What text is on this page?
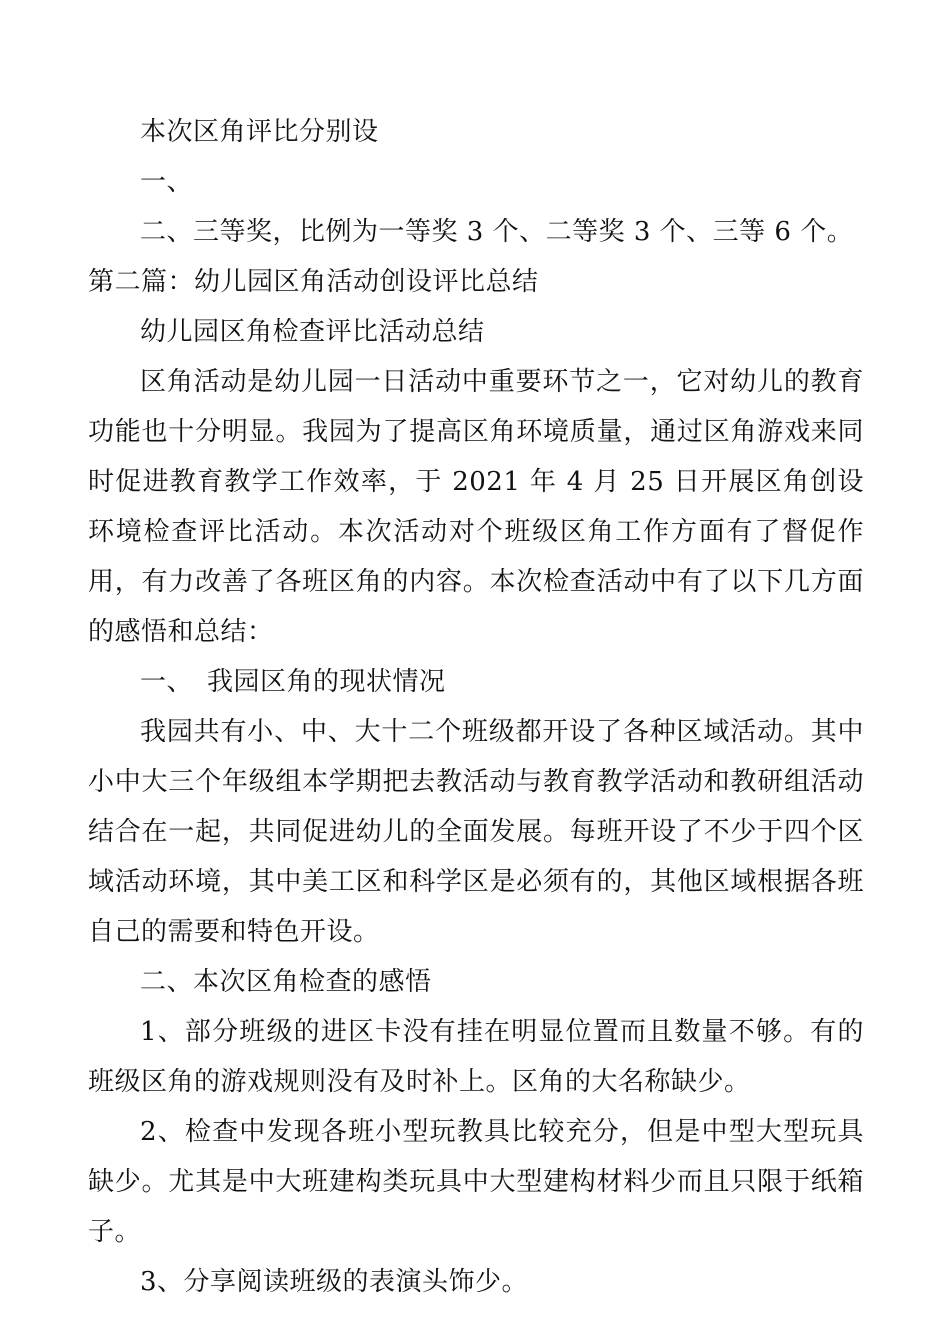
本次区角评比分别设

一、

二、三等奖，比例为一等奖 3 个、二等奖 3 个、三等 6 个。

第二篇：幼儿园区角活动创设评比总结

幼儿园区角检查评比活动总结

区角活动是幼儿园一日活动中重要环节之一，它对幼儿的教育功能也十分明显。我园为了提高区角环境质量，通过区角游戏来同时促进教育教学工作效率，于 2021 年 4 月 25 日开展区角创设环境检查评比活动。本次活动对个班级区角工作方面有了督促作用，有力改善了各班区角的内容。本次检查活动中有了以下几方面的感悟和总结：

一、 我园区角的现状情况

我园共有小、中、大十二个班级都开设了各种区域活动。其中小中大三个年级组本学期把去教活动与教育教学活动和教研组活动结合在一起，共同促进幼儿的全面发展。每班开设了不少于四个区域活动环境，其中美工区和科学区是必须有的，其他区域根据各班自己的需要和特色开设。

二、本次区角检查的感悟

1、部分班级的进区卡没有挂在明显位置而且数量不够。有的班级区角的游戏规则没有及时补上。区角的大名称缺少。

2、检查中发现各班小型玩教具比较充分，但是中型大型玩具缺少。尤其是中大班建构类玩具中大型建构材料少而且只限于纸箱子。

3、分享阅读班级的表演头饰少。
